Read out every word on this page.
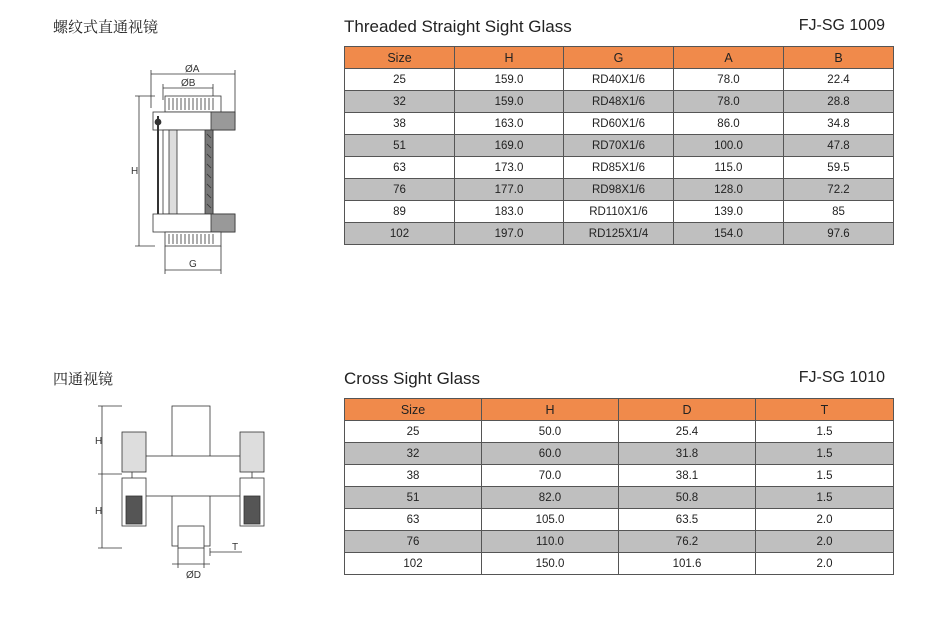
螺纹式直通视镜	Threaded Straight Sight Glass	FJ-SG 1009
ØA
ØB
H
G
Size	H	G	A	B
25	159.0	RD40X1/6	78.0	22.4
32	159.0	RD48X1/6	78.0	28.8
38	163.0	RD60X1/6	86.0	34.8
51	169.0	RD70X1/6	100.0	47.8
63	173.0	RD85X1/6	115.0	59.5
76	177.0	RD98X1/6	128.0	72.2
89	183.0	RD110X1/6	139.0	85
102	197.0	RD125X1/4	154.0	97.6
四通视镜	Cross Sight Glass	FJ-SG 1010
H
H
ØD
T
Size	H	D	T
25	50.0	25.4	1.5
32	60.0	31.8	1.5
38	70.0	38.1	1.5
51	82.0	50.8	1.5
63	105.0	63.5	2.0
76	110.0	76.2	2.0
102	150.0	101.6	2.0
